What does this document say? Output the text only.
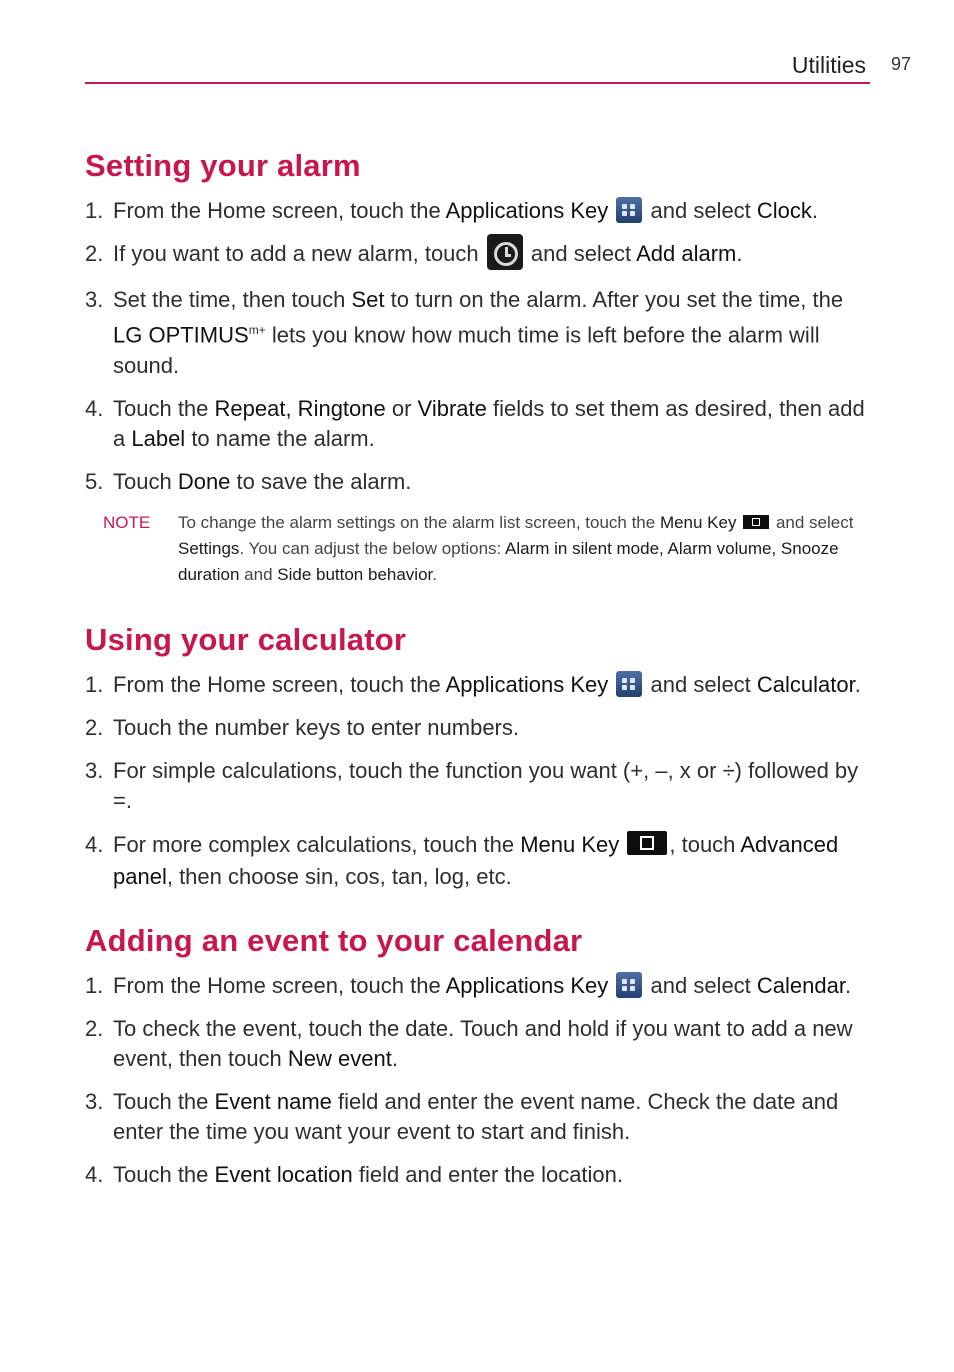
Utilities 97
Setting your alarm
1. From the Home screen, touch the Applications Key
and select Clock.
2. If you want to add a new alarm, touch
and select Add alarm.
3. Set the time, then touch Set to turn on the alarm. After you set the time, the LG $OPTIMUS^{m+}$ lets you know how much time is left before the alarm will sound.
4. Touch the Repeat, Ringtone or Vibrate fields to set them as desired, then add a Label to name the alarm.
5. Touch Done to save the alarm.

NOTE To change the alarm settings on the alarm list screen, touch the Menu Key  and select Settings. You can adjust the below options: Alarm in silent mode, Alarm volume, Snooze duration and Side button behavior.

Using your calculator
1. From the Home screen, touch the Applications Key
and select Calculator.
2. Touch the number keys to enter numbers.
3. For simple calculations, touch the function you want (+, –, x or ÷) followed by =.
4. For more complex calculations, touch the Menu Key , touch Advanced panel, then choose sin, cos, tan, log, etc.
Adding an event to your calendar
1. From the Home screen, touch the Applications Key
and select Calendar.
2. To check the event, touch the date. Touch and hold if you want to add a new event, then touch New event.
3. Touch the Event name field and enter the event name. Check the date and enter the time you want your event to start and finish.
4. Touch the Event location field and enter the location.
